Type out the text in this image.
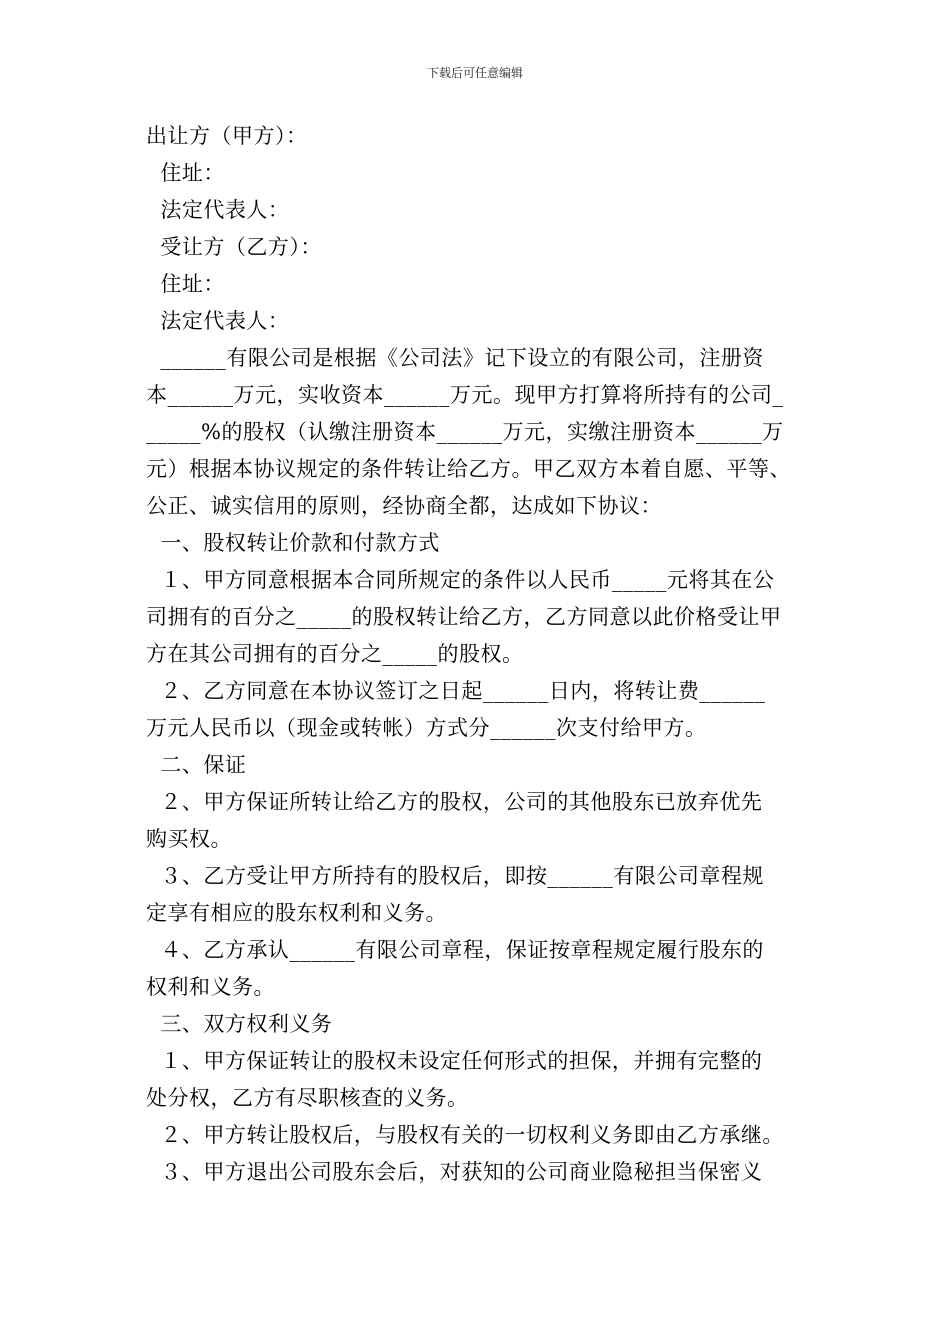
下载后可任意编辑
出让方（甲方）：
住址：
法定代表人：
受让方（乙方）：
住址：
法定代表人：
______有限公司是根据《公司法》记下设立的有限公司，注册资
本______万元，实收资本______万元。现甲方打算将所持有的公司_
_____%的股权（认缴注册资本______万元，实缴注册资本______万
元）根据本协议规定的条件转让给乙方。甲乙双方本着自愿、平等、
公正、诚实信用的原则，经协商全都，达成如下协议：
一、股权转让价款和付款方式
１、甲方同意根据本合同所规定的条件以人民币_____元将其在公
司拥有的百分之_____的股权转让给乙方，乙方同意以此价格受让甲
方在其公司拥有的百分之_____的股权。
２、乙方同意在本协议签订之日起______日内，将转让费______
万元人民币以（现金或转帐）方式分______次支付给甲方。
二、保证
２、甲方保证所转让给乙方的股权，公司的其他股东已放弃优先
购买权。
３、乙方受让甲方所持有的股权后，即按______有限公司章程规
定享有相应的股东权利和义务。
４、乙方承认______有限公司章程，保证按章程规定履行股东的
权利和义务。
三、双方权利义务
１、甲方保证转让的股权未设定任何形式的担保，并拥有完整的
处分权，乙方有尽职核查的义务。
２、甲方转让股权后，与股权有关的一切权利义务即由乙方承继。
３、甲方退出公司股东会后，对获知的公司商业隐秘担当保密义
